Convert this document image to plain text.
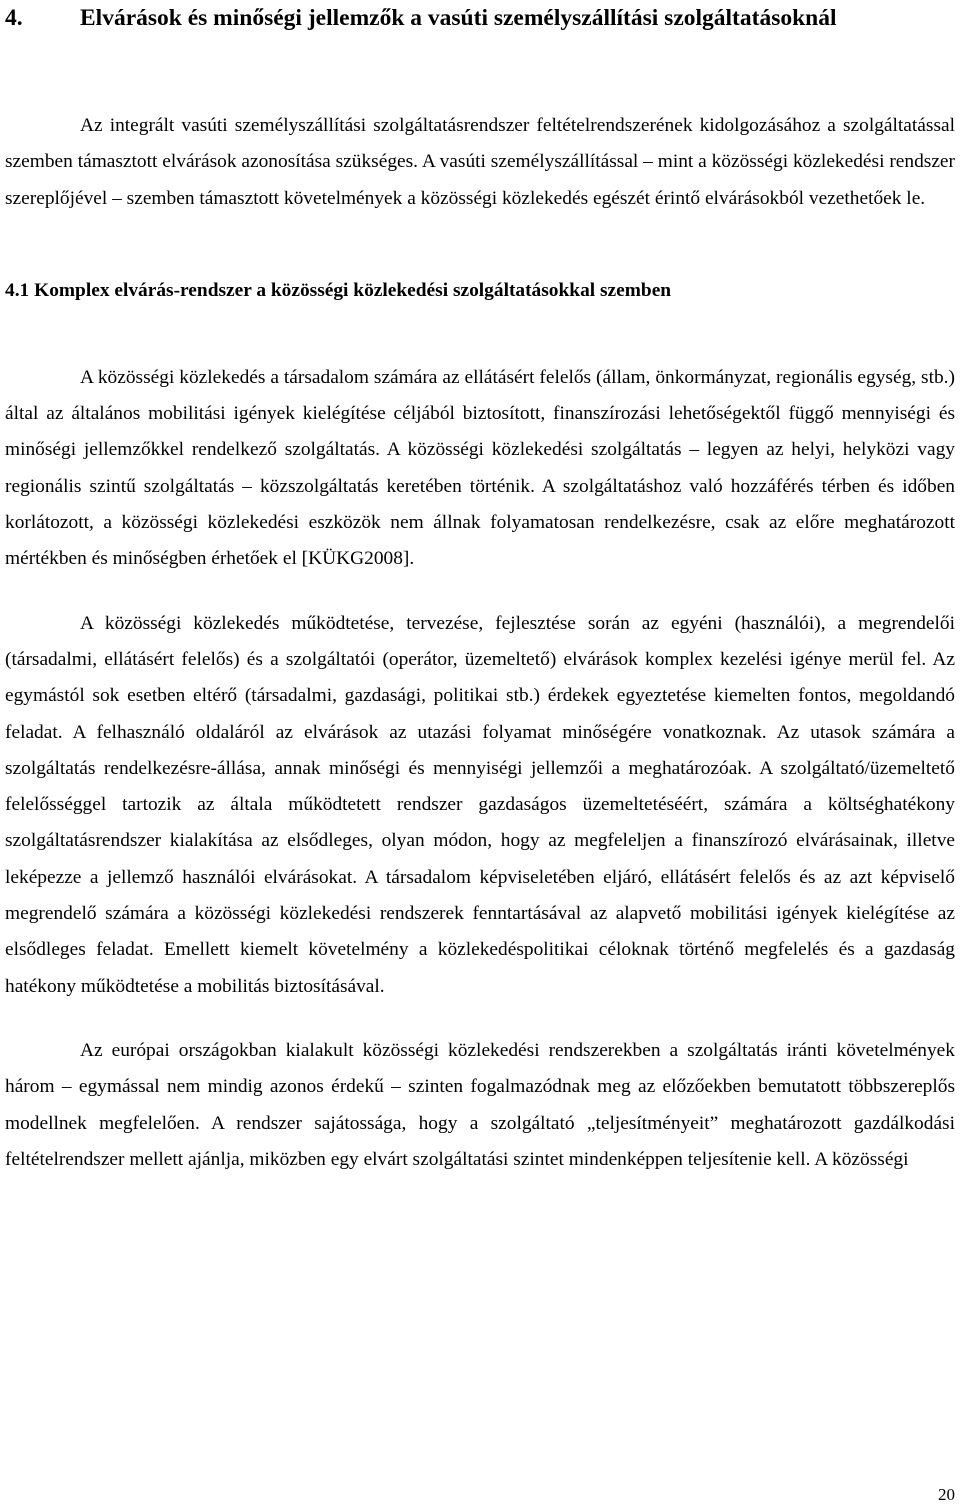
4. Elvárások és minőségi jellemzők a vasúti személyszállítási szolgáltatásoknál

Az integrált vasúti személyszállítási szolgáltatásrendszer feltételrendszerének kidolgozásához a szolgáltatással szemben támasztott elvárások azonosítása szükséges. A vasúti személyszállítással – mint a közösségi közlekedési rendszer szereplőjével – szemben támasztott követelmények a közösségi közlekedés egészét érintő elvárásokból vezethetőek le.

4.1 Komplex elvárás-rendszer a közösségi közlekedési szolgáltatásokkal szemben

A közösségi közlekedés a társadalom számára az ellátásért felelős (állam, önkormányzat, regionális egység, stb.) által az általános mobilitási igények kielégítése céljából biztosított, finanszírozási lehetőségektől függő mennyiségi és minőségi jellemzőkkel rendelkező szolgáltatás. A közösségi közlekedési szolgáltatás – legyen az helyi, helyközi vagy regionális szintű szolgáltatás – közszolgáltatás keretében történik. A szolgáltatáshoz való hozzáférés térben és időben korlátozott, a közösségi közlekedési eszközök nem állnak folyamatosan rendelkezésre, csak az előre meghatározott mértékben és minőségben érhetőek el [KÜKG2008].

A közösségi közlekedés működtetése, tervezése, fejlesztése során az egyéni (használói), a megrendelői (társadalmi, ellátásért felelős) és a szolgáltatói (operátor, üzemeltető) elvárások komplex kezelési igénye merül fel. Az egymástól sok esetben eltérő (társadalmi, gazdasági, politikai stb.) érdekek egyeztetése kiemelten fontos, megoldandó feladat. A felhasználó oldaláról az elvárások az utazási folyamat minőségére vonatkoznak. Az utasok számára a szolgáltatás rendelkezésre-állása, annak minőségi és mennyiségi jellemzői a meghatározóak. A szolgáltató/üzemeltető felelősséggel tartozik az általa működtetett rendszer gazdaságos üzemeltetéséért, számára a költséghatékony szolgáltatásrendszer kialakítása az elsődleges, olyan módon, hogy az megfeleljen a finanszírozó elvárásainak, illetve leképezze a jellemző használói elvárásokat. A társadalom képviseletében eljáró, ellátásért felelős és az azt képviselő megrendelő számára a közösségi közlekedési rendszerek fenntartásával az alapvető mobilitási igények kielégítése az elsődleges feladat. Emellett kiemelt követelmény a közlekedéspolitikai céloknak történő megfelelés és a gazdaság hatékony működtetése a mobilitás biztosításával.

Az európai országokban kialakult közösségi közlekedési rendszerekben a szolgáltatás iránti követelmények három – egymással nem mindig azonos érdekű – szinten fogalmazódnak meg az előzőekben bemutatott többszereplős modellnek megfelelően. A rendszer sajátossága, hogy a szolgáltató „teljesítményeit” meghatározott gazdálkodási feltételrendszer mellett ajánlja, miközben egy elvárt szolgáltatási szintet mindenképpen teljesítenie kell. A közösségi

20
